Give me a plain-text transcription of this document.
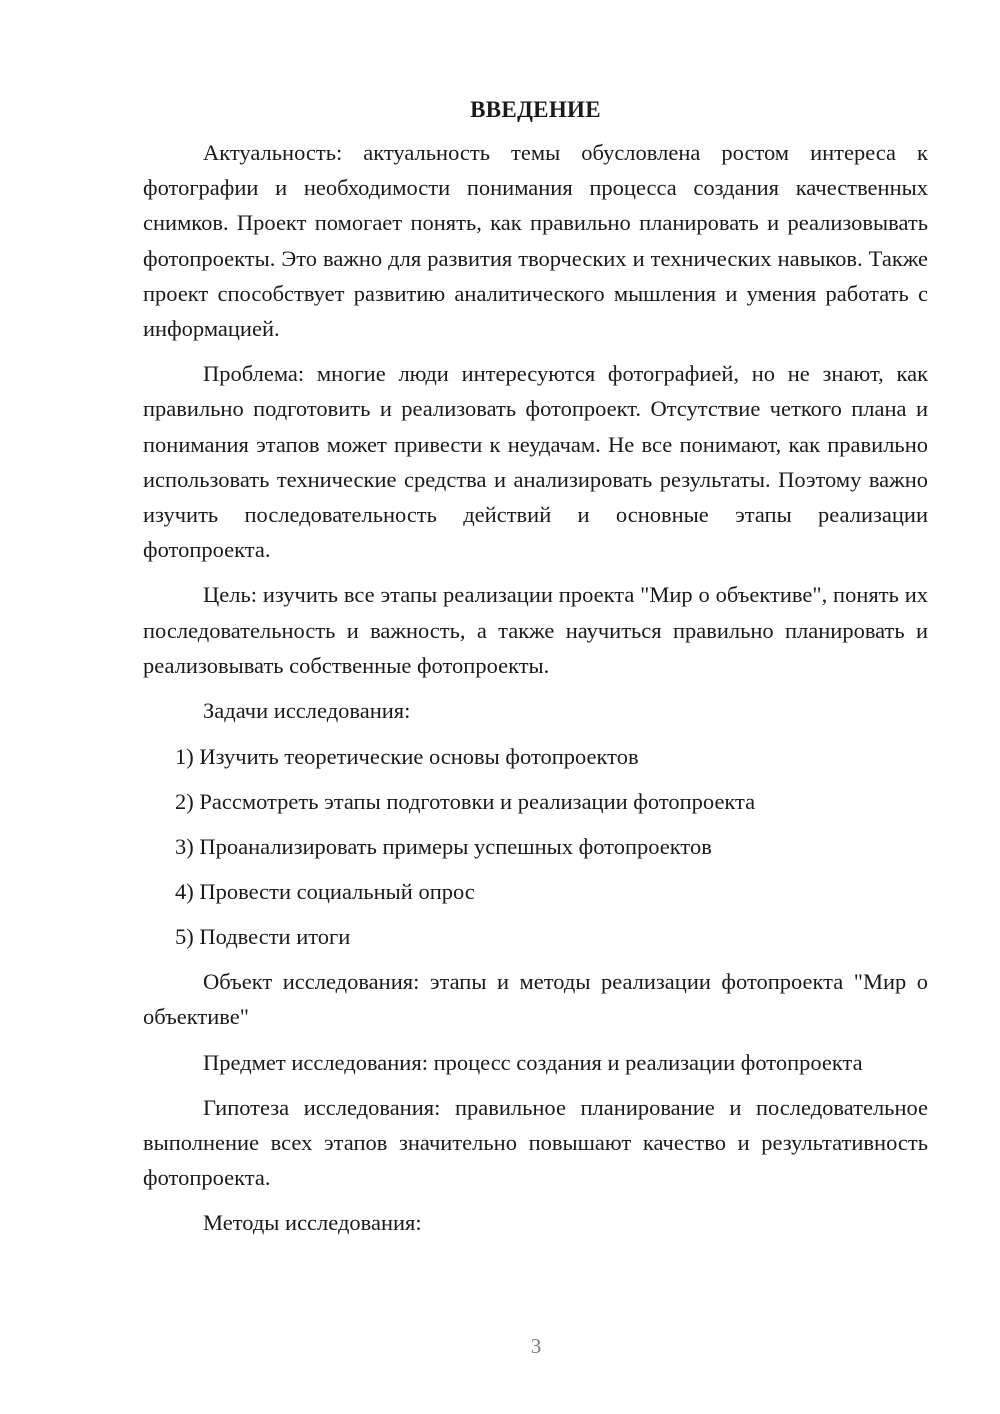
ВВЕДЕНИЕ

Актуальность: актуальность темы обусловлена ростом интереса к фотографии и необходимости понимания процесса создания качественных снимков. Проект помогает понять, как правильно планировать и реализовывать фотопроекты. Это важно для развития творческих и технических навыков. Также проект способствует развитию аналитического мышления и умения работать с информацией.

Проблема: многие люди интересуются фотографией, но не знают, как правильно подготовить и реализовать фотопроект. Отсутствие четкого плана и понимания этапов может привести к неудачам. Не все понимают, как правильно использовать технические средства и анализировать результаты. Поэтому важно изучить последовательность действий и основные этапы реализации фотопроекта.

Цель: изучить все этапы реализации проекта "Мир о объективе", понять их последовательность и важность, а также научиться правильно планировать и реализовывать собственные фотопроекты.

Задачи исследования:

1) Изучить теоретические основы фотопроектов
2) Рассмотреть этапы подготовки и реализации фотопроекта
3) Проанализировать примеры успешных фотопроектов
4) Провести социальный опрос
5) Подвести итоги

Объект исследования: этапы и методы реализации фотопроекта "Мир о объективе"

Предмет исследования: процесс создания и реализации фотопроекта

Гипотеза исследования: правильное планирование и последовательное выполнение всех этапов значительно повышают качество и результативность фотопроекта.

Методы исследования:

3
